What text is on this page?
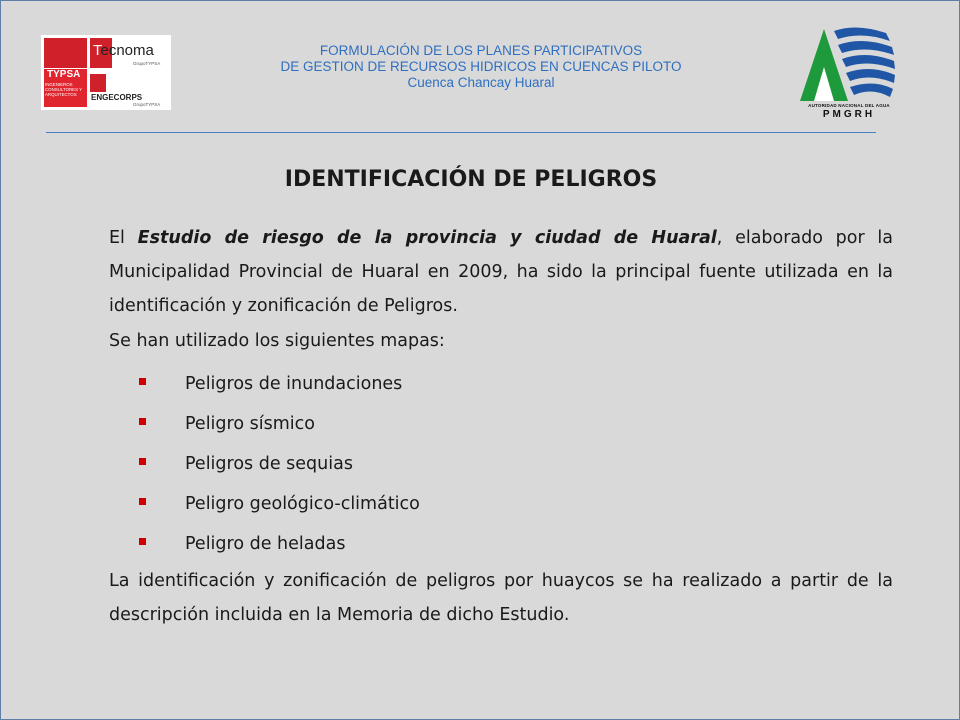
TYPSA
INGENIEROS CONSULTORES Y ARQUITECTOS
Tecnoma
GrupoTYPSA
ENGECORPS
GrupoTYPSA
FORMULACIÓN DE LOS PLANES PARTICIPATIVOS
DE GESTION DE RECURSOS HIDRICOS EN CUENCAS PILOTO
Cuenca Chancay Huaral
AUTORIDAD NACIONAL DEL AGUA
PMGRH
IDENTIFICACIÓN DE PELIGROS

El Estudio de riesgo de la provincia y ciudad de Huaral, elaborado por la Municipalidad Provincial de Huaral en 2009, ha sido la principal fuente utilizada en la identificación y zonificación de Peligros.

Se han utilizado los siguientes mapas:

Peligros de inundaciones
Peligro sísmico
Peligros de sequias
Peligro geológico-climático
Peligro de heladas

La identificación y zonificación de peligros por huaycos se ha realizado a partir de la descripción incluida en la Memoria de dicho Estudio.
